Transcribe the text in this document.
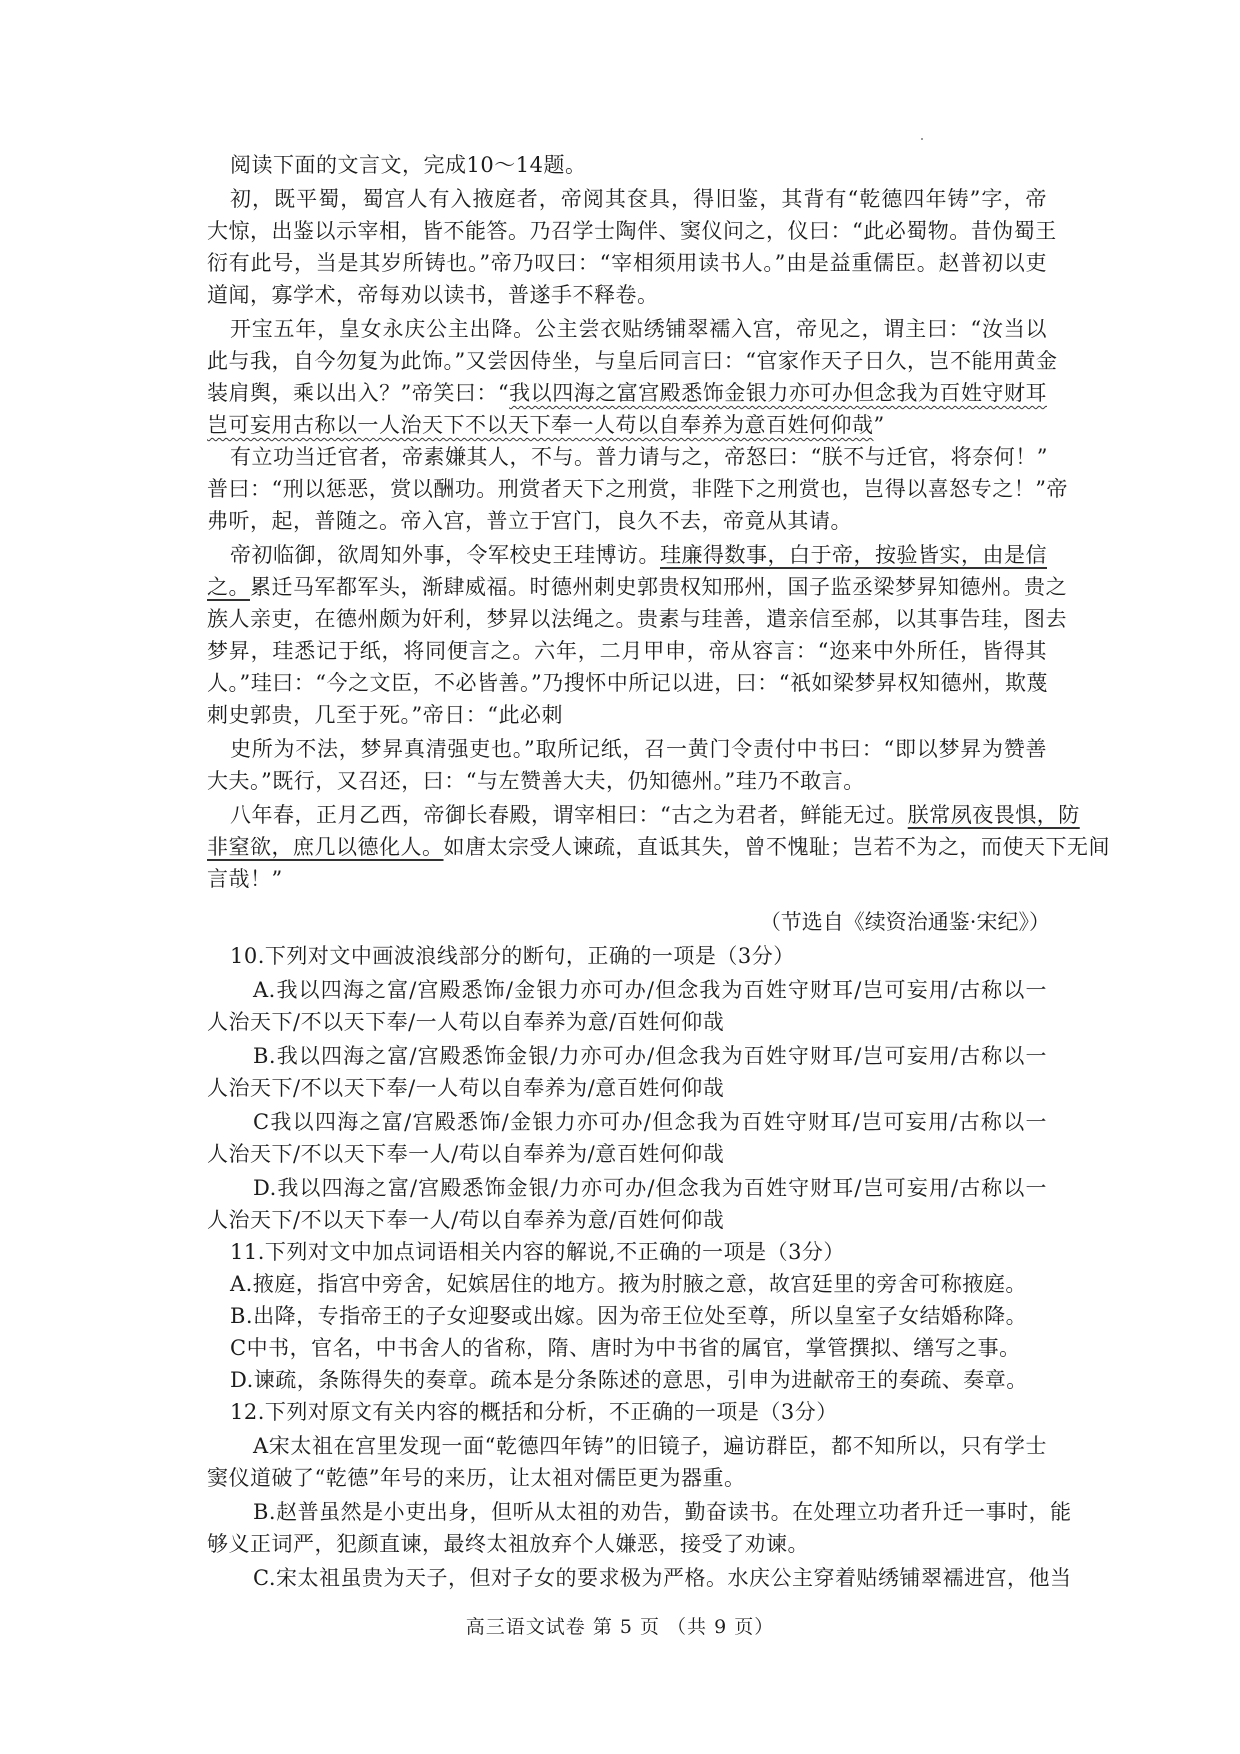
阅读下面的文言文，完成10～14题。
初，既平蜀，蜀宫人有入掖庭者，帝阅其奁具，得旧鉴，其背有“乾德四年铸”字，帝
大惊，出鉴以示宰相，皆不能答。乃召学士陶伴、窦仪问之，仪曰：“此必蜀物。昔伪蜀王
衍有此号，当是其岁所铸也。”帝乃叹曰：“宰相须用读书人。”由是益重儒臣。赵普初以吏
道闻，寡学术，帝每劝以读书，普遂手不释卷。
开宝五年，皇女永庆公主出降。公主尝衣贴绣铺翠襦入宫，帝见之，谓主曰：“汝当以
此与我，自今勿复为此饰。”又尝因侍坐，与皇后同言曰：“官家作天子日久，岂不能用黄金
装肩舆，乘以出入？”帝笑曰：“我以四海之富宫殿悉饰金银力亦可办但念我为百姓守财耳
岂可妄用古称以一人治天下不以天下奉一人苟以自奉养为意百姓何仰哉”
有立功当迁官者，帝素嫌其人，不与。普力请与之，帝怒曰：“朕不与迁官，将奈何！”
普曰：“刑以惩恶，赏以酬功。刑赏者天下之刑赏，非陛下之刑赏也，岂得以喜怒专之！”帝
弗听，起，普随之。帝入宫，普立于宫门，良久不去，帝竟从其请。
帝初临御，欲周知外事，令军校史王珪博访。珪廉得数事，白于帝，按验皆实，由是信
之。累迁马军都军头，渐肆威福。时德州刺史郭贵权知邢州，国子监丞梁梦昇知德州。贵之
族人亲吏，在德州颇为奸利，梦昇以法绳之。贵素与珪善，遣亲信至郝，以其事告珪，图去
梦昇，珪悉记于纸，将同便言之。六年，二月甲申，帝从容言：“迩来中外所任，皆得其
人。”珪曰：“今之文臣，不必皆善。”乃搜怀中所记以进，曰：“祇如梁梦昇权知德州，欺蔑
刺史郭贵，几至于死。”帝日：“此必刺
史所为不法，梦昇真清强吏也。”取所记纸，召一黄门令责付中书曰：“即以梦昇为赞善
大夫。”既行，又召还，曰：“与左赞善大夫，仍知德州。”珪乃不敢言。
八年春，正月乙西，帝御长春殿，谓宰相曰：“古之为君者，鲜能无过。朕常夙夜畏惧，防
非窒欲，庶几以德化人。如唐太宗受人谏疏，直诋其失，曾不愧耻；岂若不为之，而使天下无间
言哉！”
（节选自《续资治通鉴·宋纪》）
10.下列对文中画波浪线部分的断句，正确的一项是（3分）
A.我以四海之富/宫殿悉饰/金银力亦可办/但念我为百姓守财耳/岂可妄用/古称以一
人治天下/不以天下奉/一人苟以自奉养为意/百姓何仰哉
B.我以四海之富/宫殿悉饰金银/力亦可办/但念我为百姓守财耳/岂可妄用/古称以一
人治天下/不以天下奉/一人苟以自奉养为/意百姓何仰哉
C我以四海之富/宫殿悉饰/金银力亦可办/但念我为百姓守财耳/岂可妄用/古称以一
人治天下/不以天下奉一人/苟以自奉养为/意百姓何仰哉
D.我以四海之富/宫殿悉饰金银/力亦可办/但念我为百姓守财耳/岂可妄用/古称以一
人治天下/不以天下奉一人/苟以自奉养为意/百姓何仰哉
11.下列对文中加点词语相关内容的解说,不正确的一项是（3分）
A.掖庭，指宫中旁舍，妃嫔居住的地方。掖为肘腋之意，故宫廷里的旁舍可称掖庭。
B.出降，专指帝王的子女迎娶或出嫁。因为帝王位处至尊，所以皇室子女结婚称降。
C中书，官名，中书舍人的省称，隋、唐时为中书省的属官，掌管撰拟、缮写之事。
D.谏疏，条陈得失的奏章。疏本是分条陈述的意思，引申为进献帝王的奏疏、奏章。
12.下列对原文有关内容的概括和分析，不正确的一项是（3分）
A宋太祖在宫里发现一面“乾德四年铸”的旧镜子，遍访群臣，都不知所以，只有学士
窦仪道破了“乾德”年号的来历，让太祖对儒臣更为器重。
B.赵普虽然是小吏出身，但听从太祖的劝告，勤奋读书。在处理立功者升迁一事时，能
够义正词严，犯颜直谏，最终太祖放弃个人嫌恶，接受了劝谏。
C.宋太祖虽贵为天子，但对子女的要求极为严格。水庆公主穿着贴绣铺翠襦进宫，他当
高三语文试卷 第 5 页 （共 9 页）
